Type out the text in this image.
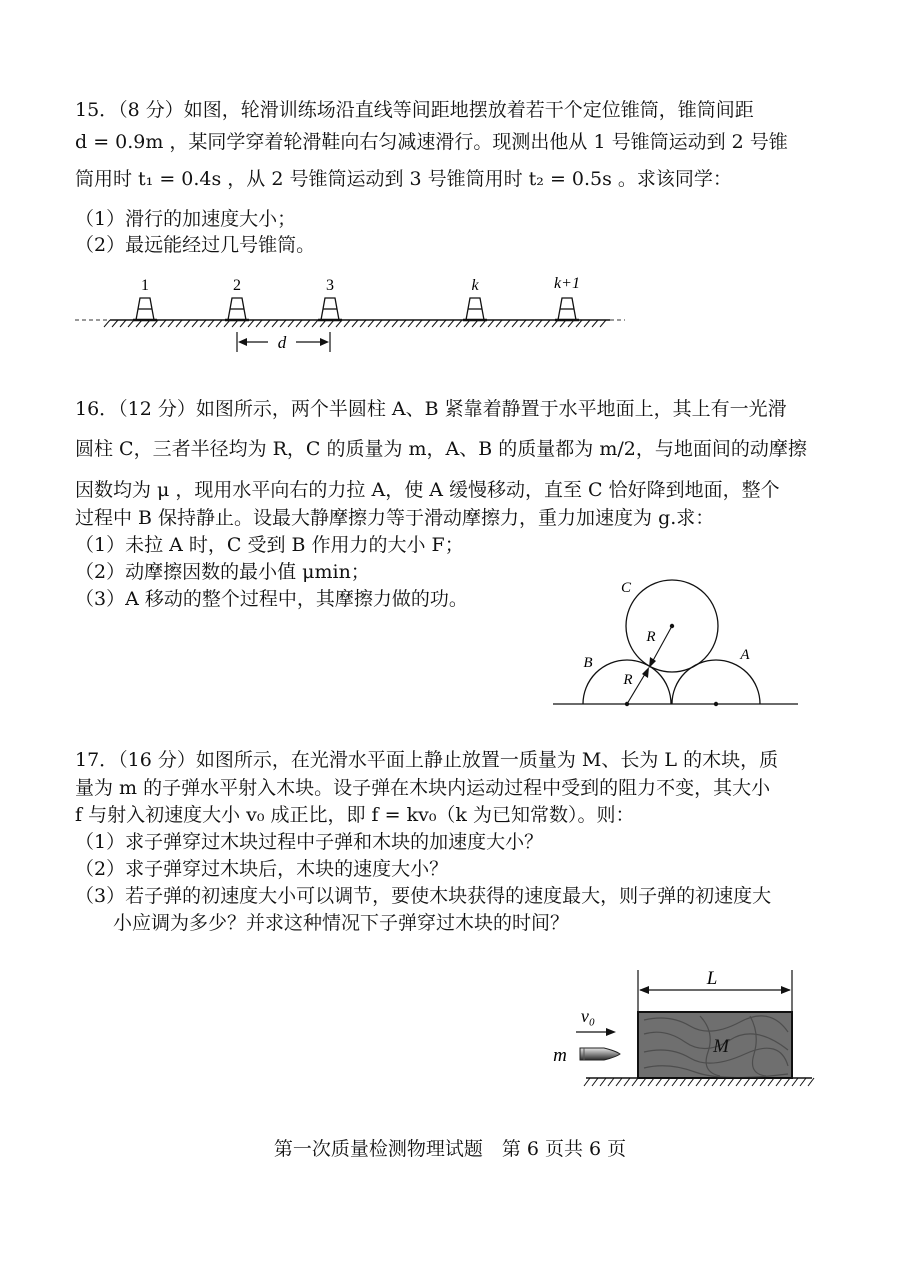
15．（8 分）如图，轮滑训练场沿直线等间距地摆放着若干个定位锥筒，锥筒间距
d = 0.9m ，某同学穿着轮滑鞋向右匀减速滑行。现测出他从 1 号锥筒运动到 2 号锥
筒用时 t₁ = 0.4s ，从 2 号锥筒运动到 3 号锥筒用时 t₂ = 0.5s 。求该同学：
（1）滑行的加速度大小；
（2）最远能经过几号锥筒。
1	2	3	k	k+1
d
16．（12 分）如图所示，两个半圆柱 A、B 紧靠着静置于水平地面上，其上有一光滑
圆柱 C，三者半径均为 R，C 的质量为 m，A、B 的质量都为 m/2，与地面间的动摩擦
因数均为 μ ，现用水平向右的力拉 A，使 A 缓慢移动，直至 C 恰好降到地面，整个
过程中 B 保持静止。设最大静摩擦力等于滑动摩擦力，重力加速度为 g.求：
（1）未拉 A 时，C 受到 B 作用力的大小 F；
（2）动摩擦因数的最小值 μmin；
（3）A 移动的整个过程中，其摩擦力做的功。	C
B	A
R
R
17．（16 分）如图所示，在光滑水平面上静止放置一质量为 M、长为 L 的木块，质
量为 m 的子弹水平射入木块。设子弹在木块内运动过程中受到的阻力不变，其大小
f 与射入初速度大小 v₀ 成正比，即 f = kv₀（k 为已知常数）。则：
（1）求子弹穿过木块过程中子弹和木块的加速度大小？
（2）求子弹穿过木块后，木块的速度大小？
（3）若子弹的初速度大小可以调节，要使木块获得的速度最大，则子弹的初速度大
小应调为多少？并求这种情况下子弹穿过木块的时间？
L
M
v₀
m
第一次质量检测物理试题　第 6 页共 6 页
